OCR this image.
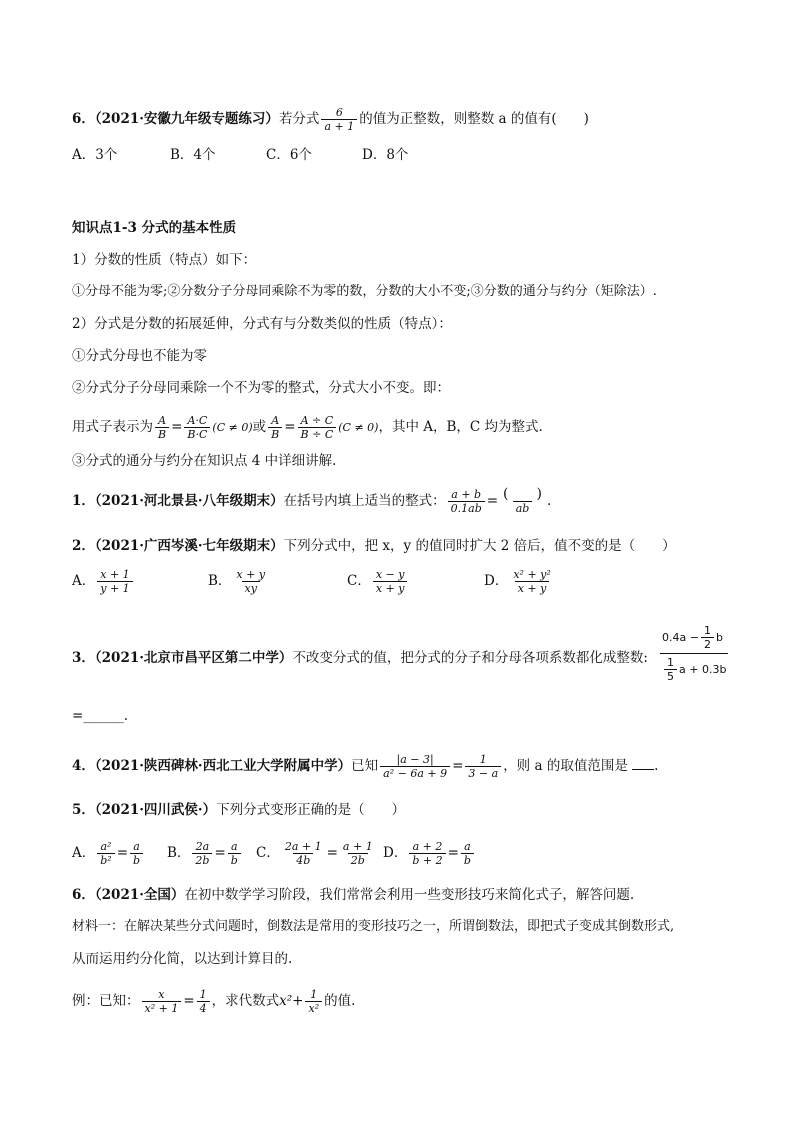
6．（2021·安徽九年级专题练习）若分式 $\frac{6}{a + 1}$ 的值为正整数，则整数 a 的值有(　　)
A．3个	B．4个	C．6个	D．8个
知识点1-3 分式的基本性质
1）分数的性质（特点）如下：
①分母不能为零;②分数分子分母同乘除不为零的数，分数的大小不变;③分数的通分与约分（矩除法）.
2）分式是分数的拓展延伸，分式有与分数类似的性质（特点）：
①分式分母也不能为零
②分式分子分母同乘除一个不为零的整式，分式大小不变。即：
用式子表示为 $\frac{A}{B} = \frac{A\cdot C}{B\cdot C} (C \ne 0)$或 $\frac{A}{B} = \frac{A \div C}{B \div C} (C \ne 0)$，其中 A，B，C 均为整式.
③分式的通分与约分在知识点 4 中详细讲解.
1．（2021·河北景县·八年级期末）在括号内填上适当的整式： $\frac{a + b}{0.1ab}$ = (  )
ab .
2．（2021·广西岑溪·七年级期末）下列分式中，把 x，y 的值同时扩大 2 倍后，值不变的是（　　）
A． $\frac{x + 1}{y + 1}$	B． $\frac{x + y}{xy}$	C． $\frac{x - y}{x + y}$	D． $\frac{\text{x² + y²}}{x + y}$
3．（2021·北京市昌平区第二中学）不改变分式的值，把分式的分子和分母各项系数都化成整数:
$0.4a - \frac{1}{2}$ b
1
5
a + 0.3b
=______.
4．（2021·陕西碑林·西北工业大学附属中学）已知 $\frac{|a - 3|}{\text{a² − 6a + 9}} = \frac{1}{3 - a}$ ，则 a 的取值范围是 .
5．（2021·四川武侯·）下列分式变形正确的是（　　）
A． $\frac{\text{a²}}{\text{b²}} = \frac{a}{b}$ B． $\frac{2a}{2b} = \frac{a}{b}$ C． $\frac{2a + 1}{4b} = \frac{a + 1}{2b}$ D． $\frac{a + 2}{b + 2} = \frac{a}{b}$
6．（2021·全国）在初中数学学习阶段，我们常常会利用一些变形技巧来简化式子，解答问题.
材料一：在解决某些分式问题时，倒数法是常用的变形技巧之一，所谓倒数法，即把式子变成其倒数形式,
从而运用约分化简，以达到计算目的.
例：已知： $\frac{x}{\text{x² + 1}} = \frac{1}{4}$ ，求代数式$x^2+ \frac{1}{\text{x²}}$ 的值.
